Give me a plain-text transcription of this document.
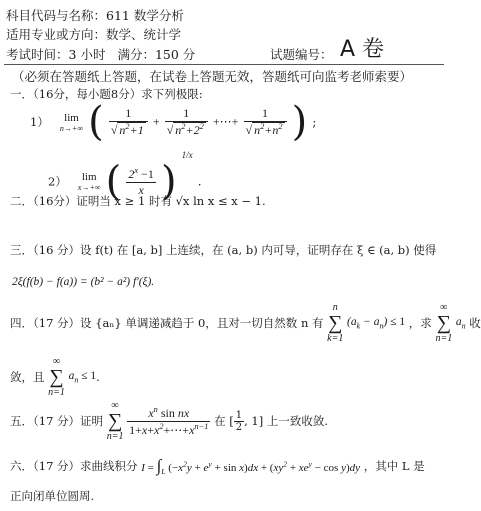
科目代码与名称：611 数学分析
适用专业或方向：数学、统计学
考试时间：3 小时 满分：150 分	试题编号： A 卷
（必须在答题纸上答题，在试卷上答题无效，答题纸可向监考老师索要）
一．（16分，每小题8分）求下列极限:
1）	lim
n→+∞ ( $\frac{1}{√ n^2+1} + \frac{1}{√ n^2+2^2}$ +⋯+ $\frac{1}{√ n^2+n^2}$ ) ;
2）	lim
x→+∞ ( $\frac{2^x -1}{x}$ ) $^{1/x}$ .
二．（16分）证明当 x ≥ 1 时有 √x ln x ≤ x − 1.
三．（16 分）设 f(t) 在 [a, b] 上连续，在 (a, b) 内可导，证明存在 ξ ∈ (a, b) 使得
2ξ(f(b) − f(a)) = (b² − a²) f′(ξ).
四．（17 分）设 {aₙ} 单调递减趋于 0，且对一切自然数 n 有
n
∑
k=1
$(a_k - a_n) \le 1$ ，求
∞
∑
n=1
$a_n$ 收
敛，且
∞
∑
n=1
$a_n \le 1$.
五．（17 分）证明
∞
∑
n=1
$\frac{x^n \sin nx}{1+x+x^2+\cdots+x^{n-1}}$ 在 [ $\frac{1}{2}$ , 1] 上一致收敛.
六．（17 分）求曲线积分 $I = \int_L$ $(-x^2y + e^y + \sin x)dx + (xy^2 + xe^y - \cos y)dy$ ，其中 L 是
正向闭单位圆周.
